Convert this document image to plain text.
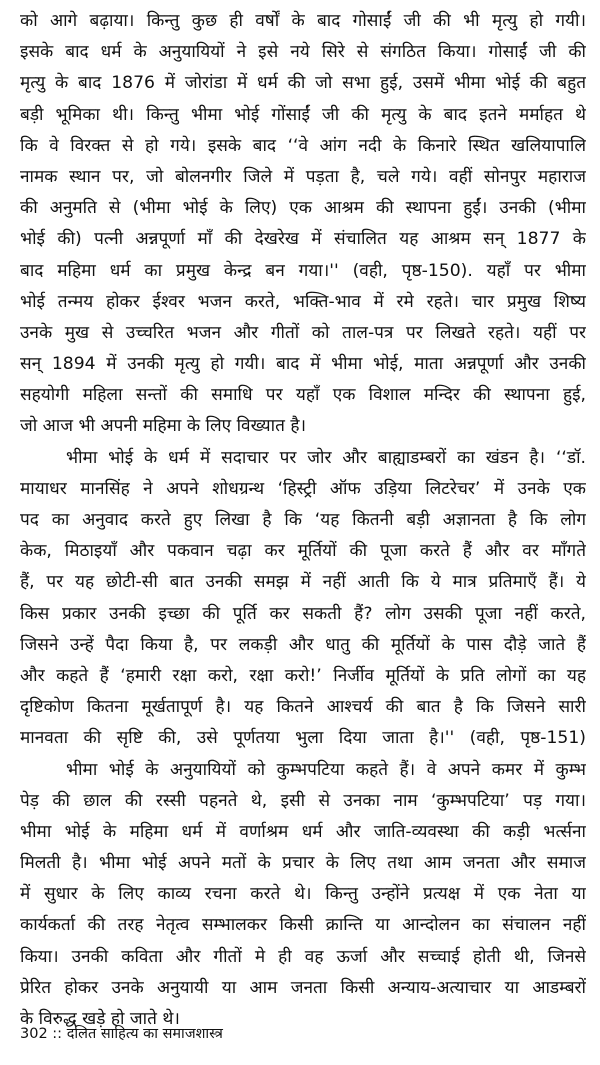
को आगे बढ़ाया। किन्तु कुछ ही वर्षों के बाद गोसाईं जी की भी मृत्यु हो गयी।
इसके बाद धर्म के अनुयायियों ने इसे नये सिरे से संगठित किया। गोसाईं जी की
मृत्यु के बाद 1876 में जोरांडा में धर्म की जो सभा हुई, उसमें भीमा भोई की बहुत
बड़ी भूमिका थी। किन्तु भीमा भोई गोंसाईं जी की मृत्यु के बाद इतने मर्माहत थे
कि वे विरक्त से हो गये। इसके बाद ‘‘वे आंग नदी के किनारे स्थित खलियापालि
नामक स्थान पर, जो बोलनगीर जिले में पड़ता है, चले गये। वहीं सोनपुर महाराज
की अनुमति से (भीमा भोई के लिए) एक आश्रम की स्थापना हुईं। उनकी (भीमा
भोई की) पत्नी अन्नपूर्णा माँ की देखरेख में संचालित यह आश्रम सन् 1877 के
बाद महिमा धर्म का प्रमुख केन्द्र बन गया।'' (वही, पृष्ठ-150). यहाँ पर भीमा
भोई तन्मय होकर ईश्वर भजन करते, भक्ति-भाव में रमे रहते। चार प्रमुख शिष्य
उनके मुख से उच्चरित भजन और गीतों को ताल-पत्र पर लिखते रहते। यहीं पर
सन् 1894 में उनकी मृत्यु हो गयी। बाद में भीमा भोई, माता अन्नपूर्णा और उनकी
सहयोगी महिला सन्तों की समाधि पर यहाँ एक विशाल मन्दिर की स्थापना हुई,
जो आज भी अपनी महिमा के लिए विख्यात है।
भीमा भोई के धर्म में सदाचार पर जोर और बाह्याडम्बरों का खंडन है। ‘‘डॉ.
मायाधर मानसिंह ने अपने शोधग्रन्थ ‘हिस्ट्री ऑफ उड़िया लिटरेचर’ में उनके एक
पद का अनुवाद करते हुए लिखा है कि ‘यह कितनी बड़ी अज्ञानता है कि लोग
केक, मिठाइयाँ और पकवान चढ़ा कर मूर्तियों की पूजा करते हैं और वर माँगते
हैं, पर यह छोटी-सी बात उनकी समझ में नहीं आती कि ये मात्र प्रतिमाएँ हैं। ये
किस प्रकार उनकी इच्छा की पूर्ति कर सकती हैं? लोग उसकी पूजा नहीं करते,
जिसने उन्हें पैदा किया है, पर लकड़ी और धातु की मूर्तियों के पास दौड़े जाते हैं
और कहते हैं ‘हमारी रक्षा करो, रक्षा करो!’ निर्जीव मूर्तियों के प्रति लोगों का यह
दृष्टिकोण कितना मूर्खतापूर्ण है। यह कितने आश्चर्य की बात है कि जिसने सारी
मानवता की सृष्टि की, उसे पूर्णतया भुला दिया जाता है।'' (वही, पृष्ठ-151)
भीमा भोई के अनुयायियों को कुम्भपटिया कहते हैं। वे अपने कमर में कुम्भ
पेड़ की छाल की रस्सी पहनते थे, इसी से उनका नाम ‘कुम्भपटिया’ पड़ गया।
भीमा भोई के महिमा धर्म में वर्णाश्रम धर्म और जाति-व्यवस्था की कड़ी भर्त्सना
मिलती है। भीमा भोई अपने मतों के प्रचार के लिए तथा आम जनता और समाज
में सुधार के लिए काव्य रचना करते थे। किन्तु उन्होंने प्रत्यक्ष में एक नेता या
कार्यकर्ता की तरह नेतृत्व सम्भालकर किसी क्रान्ति या आन्दोलन का संचालन नहीं
किया। उनकी कविता और गीतों मे ही वह ऊर्जा और सच्चाई होती थी, जिनसे
प्रेरित होकर उनके अनुयायी या आम जनता किसी अन्याय-अत्याचार या आडम्बरों
के विरुद्ध खड़े हो जाते थे।
302 :: दलित साहित्य का समाजशास्त्र
